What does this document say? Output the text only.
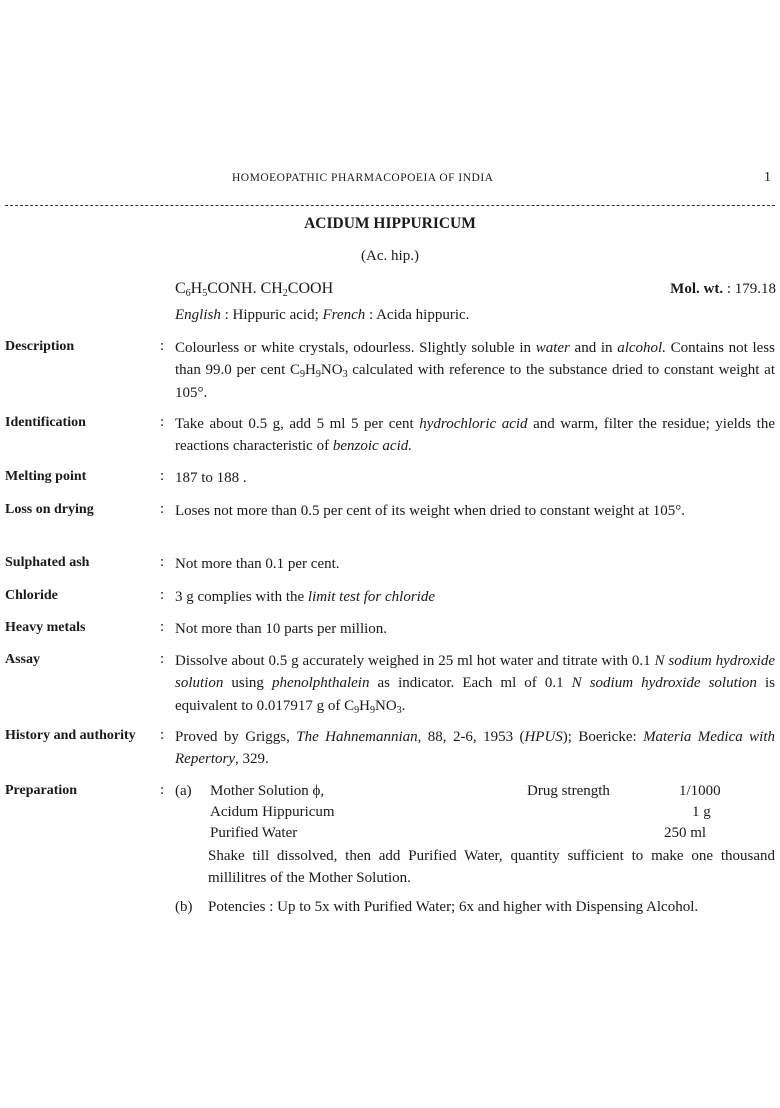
HOMOEOPATHIC PHARMACOPOEIA OF INDIA	1
ACIDUM HIPPURICUM
(Ac. hip.)
$C_6H_5CONH$. $CH_2COOH$	Mol. wt. : 179.18
English : Hippuric acid; French : Acida hippuric.
Description	: Colourless or white crystals, odourless. Slightly soluble in water and in alcohol. Contains not less than 99.0 per cent $C_9H_9NO_3$ calculated with reference to the substance dried to constant weight at 105°.
Identification	: Take about 0.5 g, add 5 ml 5 per cent hydrochloric acid and warm, filter the residue; yields the reactions characteristic of benzoic acid.
Melting point	: 187 to 188 .
Loss on drying	: Loses not more than 0.5 per cent of its weight when dried to constant weight at 105°.
Sulphated ash	: Not more than 0.1 per cent.
Chloride	: 3 g complies with the limit test for chloride
Heavy metals	: Not more than 10 parts per million.
Assay	: Dissolve about 0.5 g accurately weighed in 25 ml hot water and titrate with 0.1 N sodium hydroxide solution using phenolphthalein as indicator. Each ml of 0.1 N sodium hydroxide solution is equivalent to 0.017917 g of $C_9H_9NO_3$.
History and authority : Proved by Griggs, The Hahnemannian, 88, 2-6, 1953 (HPUS); Boericke: Materia Medica with Repertory, 329.
Preparation	: (a) Mother Solution ϕ,	Drug strength	1/1000
Acidum Hippuricum	1 g
Purified Water	250 ml
Shake till dissolved, then add Purified Water, quantity sufficient to make one thousand millilitres of the Mother Solution.
(b) Potencies : Up to 5x with Purified Water; 6x and higher with Dispensing Alcohol.
